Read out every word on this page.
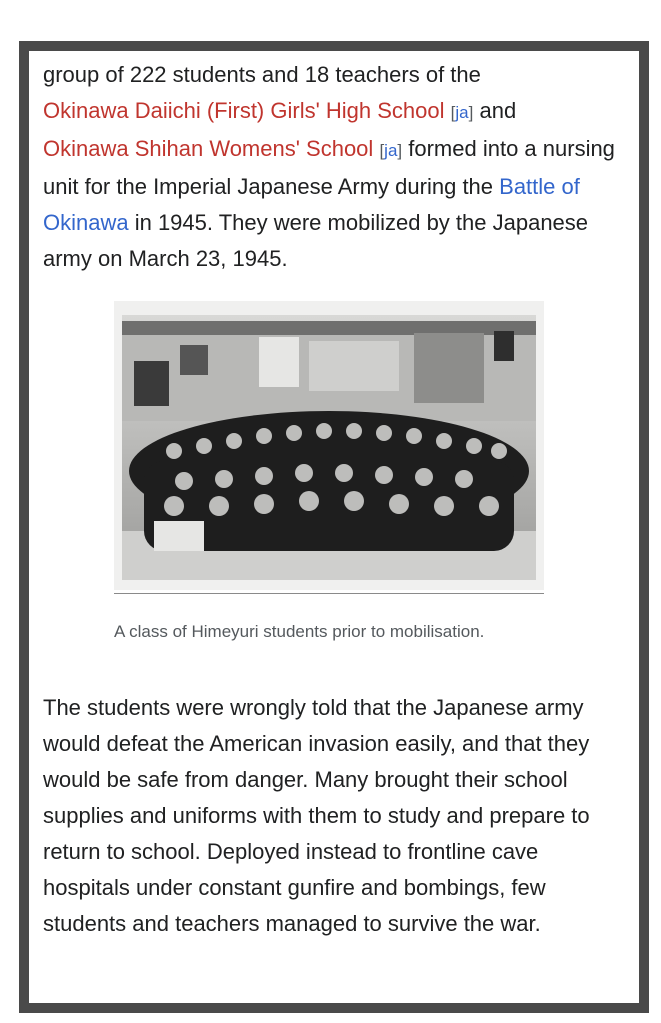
group of 222 students and 18 teachers of the
Okinawa Daiichi (First) Girls' High School [ja] and
Okinawa Shihan Womens' School [ja] formed into a nursing unit for the Imperial Japanese Army during the Battle of Okinawa in 1945. They were mobilized by the Japanese army on March 23, 1945.

A class of Himeyuri students prior to mobilisation.

The students were wrongly told that the Japanese army would defeat the American invasion easily, and that they would be safe from danger. Many brought their school supplies and uniforms with them to study and prepare to return to school. Deployed instead to frontline cave hospitals under constant gunfire and bombings, few students and teachers managed to survive the war.
